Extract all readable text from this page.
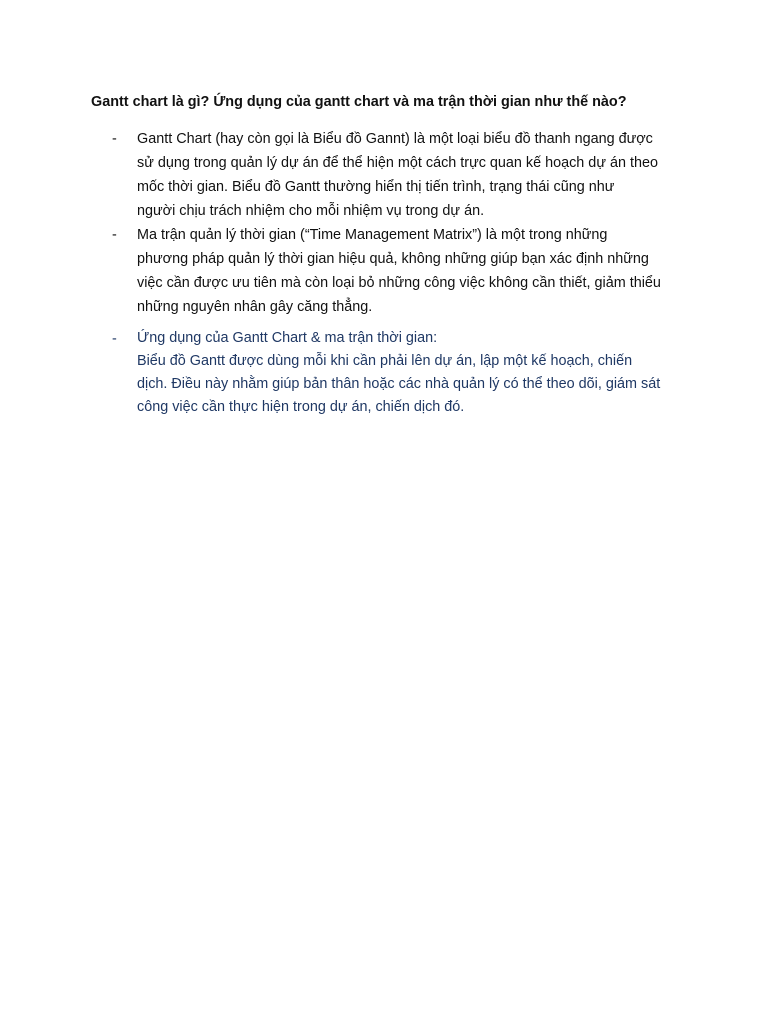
Gantt chart là gì? Ứng dụng của gantt chart và ma trận thời gian như thế nào?
- Gantt Chart (hay còn gọi là Biểu đồ Gannt) là một loại biểu đồ thanh ngang được
sử dụng trong quản lý dự án để thể hiện một cách trực quan kế hoạch dự án theo
mốc thời gian. Biểu đồ Gantt thường hiển thị tiến trình, trạng thái cũng như
người chịu trách nhiệm cho mỗi nhiệm vụ trong dự án.
- Ma trận quản lý thời gian (“Time Management Matrix”) là một trong những
phương pháp quản lý thời gian hiệu quả, không những giúp bạn xác định những
việc cần được ưu tiên mà còn loại bỏ những công việc không cần thiết, giảm thiểu
những nguyên nhân gây căng thẳng.
- Ứng dụng của Gantt Chart & ma trận thời gian:
Biểu đồ Gantt được dùng mỗi khi cần phải lên dự án, lập một kế hoạch, chiến
dịch. Điều này nhằm giúp bản thân hoặc các nhà quản lý có thể theo dõi, giám sát
công việc cần thực hiện trong dự án, chiến dịch đó.
